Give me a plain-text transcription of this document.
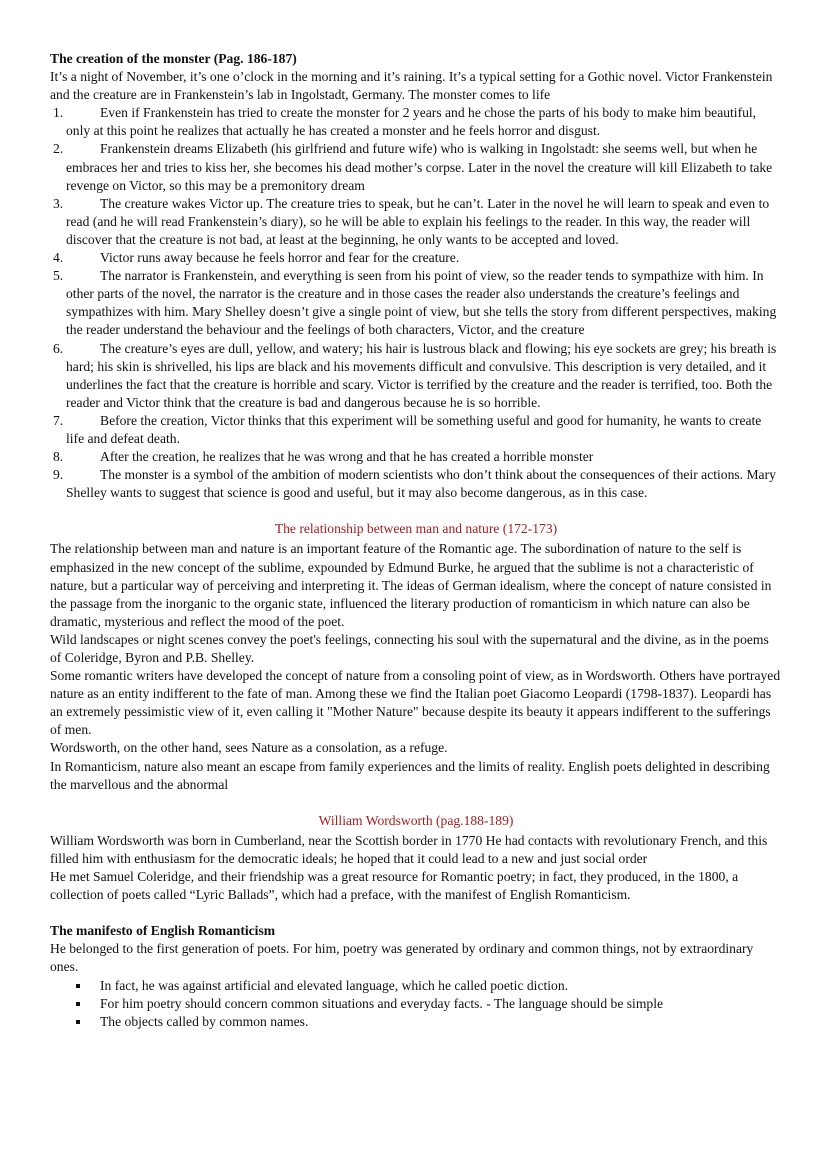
The creation of the monster (Pag. 186-187)

It’s a night of November, it’s one o’clock in the morning and it’s raining. It’s a typical setting for a Gothic novel. Victor Frankenstein and the creature are in Frankenstein’s lab in Ingolstadt, Germany. The monster comes to life

1.	Even if Frankenstein has tried to create the monster for 2 years and he chose the parts of his body to make him beautiful, only at this point he realizes that actually he has created a monster and he feels horror and disgust.
2.	Frankenstein dreams Elizabeth (his girlfriend and future wife) who is walking in Ingolstadt: she seems well, but when he embraces her and tries to kiss her, she becomes his dead mother’s corpse. Later in the novel the creature will kill Elizabeth to take revenge on Victor, so this may be a premonitory dream
3.	The creature wakes Victor up. The creature tries to speak, but he can’t. Later in the novel he will learn to speak and even to read (and he will read Frankenstein’s diary), so he will be able to explain his feelings to the reader. In this way, the reader will discover that the creature is not bad, at least at the beginning, he only wants to be accepted and loved.
4.	Victor runs away because he feels horror and fear for the creature.
5.	The narrator is Frankenstein, and everything is seen from his point of view, so the reader tends to sympathize with him. In other parts of the novel, the narrator is the creature and in those cases the reader also understands the creature’s feelings and sympathizes with him. Mary Shelley doesn’t give a single point of view, but she tells the story from different perspectives, making the reader understand the behaviour and the feelings of both characters, Victor, and the creature
6.	The creature’s eyes are dull, yellow, and watery; his hair is lustrous black and flowing; his eye sockets are grey; his breath is hard; his skin is shrivelled, his lips are black and his movements difficult and convulsive. This description is very detailed, and it underlines the fact that the creature is horrible and scary. Victor is terrified by the creature and the reader is terrified, too. Both the reader and Victor think that the creature is bad and dangerous because he is so horrible.
7.	Before the creation, Victor thinks that this experiment will be something useful and good for humanity, he wants to create life and defeat death.
8.	After the creation, he realizes that he was wrong and that he has created a horrible monster
9.	The monster is a symbol of the ambition of modern scientists who don’t think about the consequences of their actions. Mary Shelley wants to suggest that science is good and useful, but it may also become dangerous, as in this case.

The relationship between man and nature (172-173)

The relationship between man and nature is an important feature of the Romantic age. The subordination of nature to the self is emphasized in the new concept of the sublime, expounded by Edmund Burke, he argued that the sublime is not a characteristic of nature, but a particular way of perceiving and interpreting it. The ideas of German idealism, where the concept of nature consisted in the passage from the inorganic to the organic state, influenced the literary production of romanticism in which nature can also be dramatic, mysterious and reflect the mood of the poet.

Wild landscapes or night scenes convey the poet's feelings, connecting his soul with the supernatural and the divine, as in the poems of Coleridge, Byron and P.B. Shelley.

Some romantic writers have developed the concept of nature from a consoling point of view, as in Wordsworth. Others have portrayed nature as an entity indifferent to the fate of man. Among these we find the Italian poet Giacomo Leopardi (1798-1837). Leopardi has an extremely pessimistic view of it, even calling it "Mother Nature" because despite its beauty it appears indifferent to the sufferings of men.

Wordsworth, on the other hand, sees Nature as a consolation, as a refuge.

In Romanticism, nature also meant an escape from family experiences and the limits of reality. English poets delighted in describing the marvellous and the abnormal

William Wordsworth (pag.188-189)

William Wordsworth was born in Cumberland, near the Scottish border in 1770 He had contacts with revolutionary French, and this filled him with enthusiasm for the democratic ideals; he hoped that it could lead to a new and just social order

He met Samuel Coleridge, and their friendship was a great resource for Romantic poetry; in fact, they produced, in the 1800, a collection of poets called “Lyric Ballads”, which had a preface, with the manifest of English Romanticism.

The manifesto of English Romanticism

He belonged to the first generation of poets. For him, poetry was generated by ordinary and common things, not by extraordinary ones.

In fact, he was against artificial and elevated language, which he called poetic diction.
For him poetry should concern common situations and everyday facts. - The language should be simple
The objects called by common names.
